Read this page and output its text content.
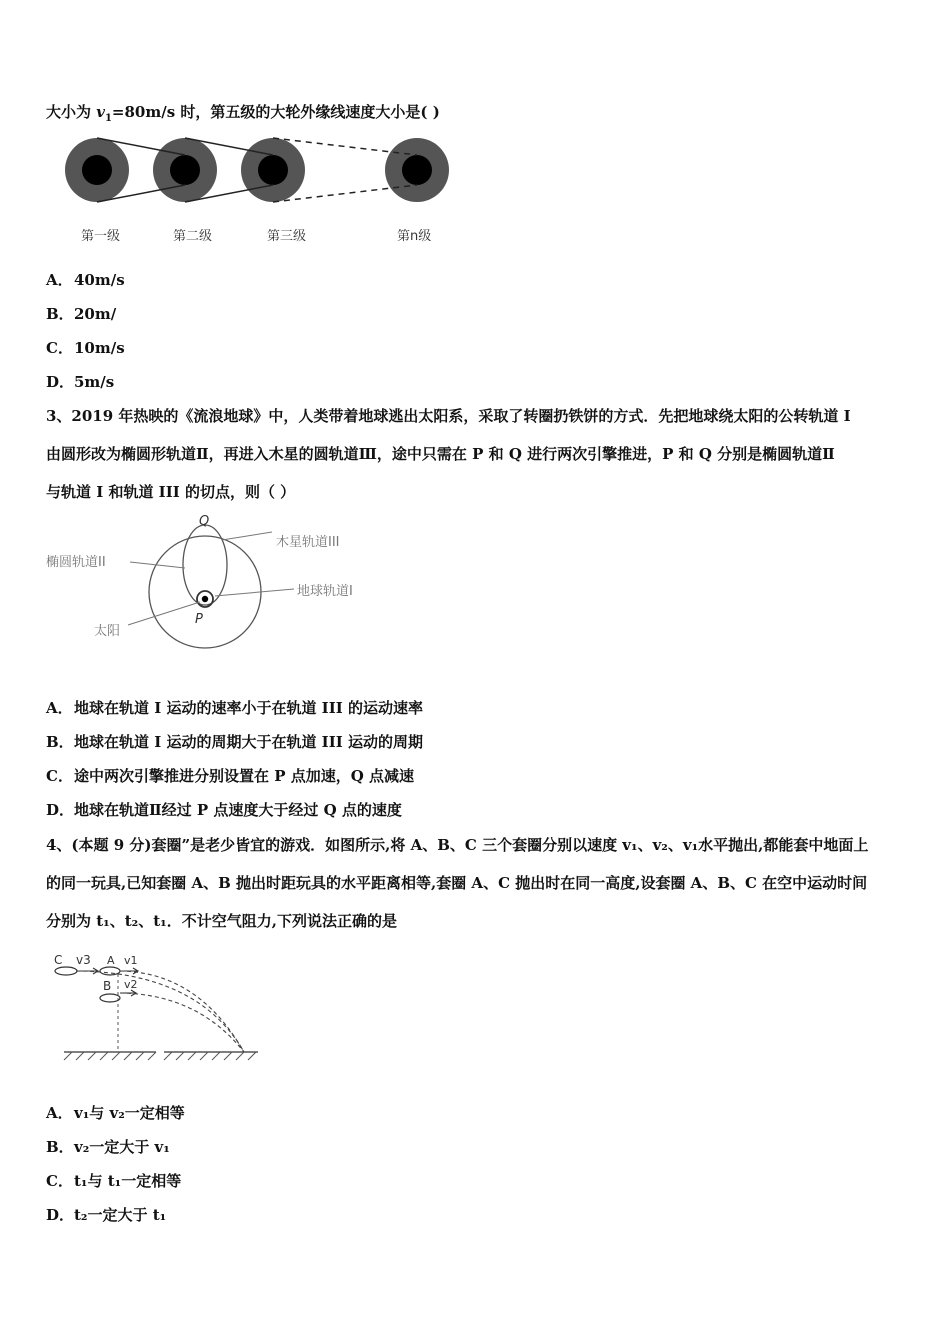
大小为 $v_1=80m/s$ 时，第五级的大轮外缘线速度大小是( )
第一级	第二级	第三级	第n级
A．40m/s
B．20m/
C．10m/s
D．5m/s
3、2019 年热映的《流浪地球》中，人类带着地球逃出太阳系，采取了转圈扔铁饼的方式．先把地球绕太阳的公转轨道 I
由圆形改为椭圆形轨道Ⅱ，再进入木星的圆轨道Ⅲ，途中只需在 P 和 Q 进行两次引擎推进，P 和 Q 分别是椭圆轨道Ⅱ
与轨道 I 和轨道 III 的切点，则（ ）
Q
P
木星轨道III
椭圆轨道II
地球轨道Ⅰ
太阳
A．地球在轨道 I 运动的速率小于在轨道 III 的运动速率
B．地球在轨道 I 运动的周期大于在轨道 III 运动的周期
C．途中两次引擎推进分别设置在 P 点加速，Q 点减速
D．地球在轨道Ⅱ经过 P 点速度大于经过 Q 点的速度
4、(本题 9 分)套圈”是老少皆宜的游戏．如图所示,将 A、B、C 三个套圈分别以速度 v₁、v₂、v₁水平抛出,都能套中地面上
的同一玩具,已知套圈 A、B 抛出时距玩具的水平距离相等,套圈 A、C 抛出时在同一高度,设套圈 A、B、C 在空中运动时间
分别为 t₁、t₂、t₁．不计空气阻力,下列说法正确的是
C v3 A v1
B v2
A．v₁与 v₂一定相等
B．v₂一定大于 v₁
C．t₁与 t₁一定相等
D．t₂一定大于 t₁
